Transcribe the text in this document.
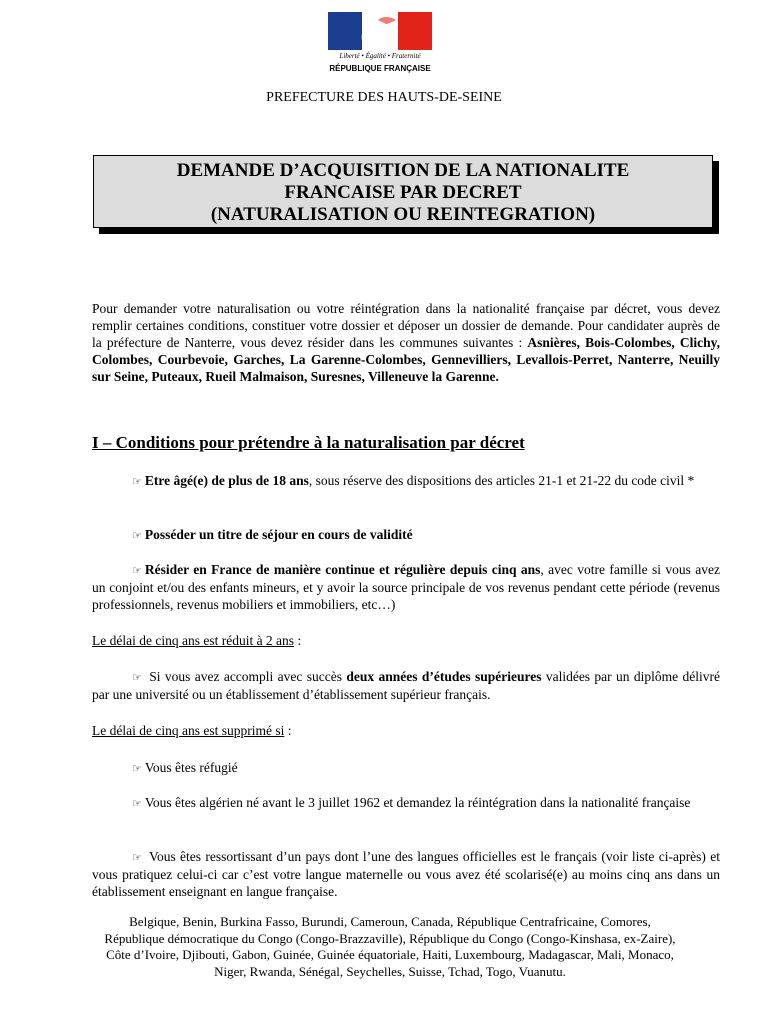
Liberté • Égalité • Fraternité
RÉPUBLIQUE FRANÇAISE
PREFECTURE DES HAUTS-DE-SEINE
DEMANDE D’ACQUISITION DE LA NATIONALITE
FRANCAISE PAR DECRET
(NATURALISATION OU REINTEGRATION)
Pour demander votre naturalisation ou votre réintégration dans la nationalité française par décret, vous devez remplir certaines conditions, constituer votre dossier et déposer un dossier de demande. Pour candidater auprès de la préfecture de Nanterre, vous devez résider dans les communes suivantes : Asnières, Bois-Colombes, Clichy, Colombes, Courbevoie, Garches, La Garenne-Colombes, Gennevilliers, Levallois-Perret, Nanterre, Neuilly sur Seine, Puteaux, Rueil Malmaison, Suresnes, Villeneuve la Garenne.
I – Conditions pour prétendre à la naturalisation par décret
☞ Etre âgé(e) de plus de 18 ans, sous réserve des dispositions des articles 21-1 et 21-22 du code civil *
☞ Posséder un titre de séjour en cours de validité
☞ Résider en France de manière continue et régulière depuis cinq ans, avec votre famille si vous avez un conjoint et/ou des enfants mineurs, et y avoir la source principale de vos revenus pendant cette période (revenus professionnels, revenus mobiliers et immobiliers, etc…)
Le délai de cinq ans est réduit à 2 ans :
☞ Si vous avez accompli avec succès deux années d’études supérieures validées par un diplôme délivré par une université ou un établissement d’établissement supérieur français.
Le délai de cinq ans est supprimé si :
☞ Vous êtes réfugié
☞ Vous êtes algérien né avant le 3 juillet 1962 et demandez la réintégration dans la nationalité française
☞ Vous êtes ressortissant d’un pays dont l’une des langues officielles est le français (voir liste ci-après) et vous pratiquez celui-ci car c’est votre langue maternelle ou vous avez été scolarisé(e) au moins cinq ans dans un établissement enseignant en langue française.
Belgique, Benin, Burkina Fasso, Burundi, Cameroun, Canada, République Centrafricaine, Comores,
République démocratique du Congo (Congo-Brazzaville), République du Congo (Congo-Kinshasa, ex-Zaire),
Côte d’Ivoire, Djibouti, Gabon, Guinée, Guinée équatoriale, Haiti, Luxembourg, Madagascar, Mali, Monaco,
Niger, Rwanda, Sénégal, Seychelles, Suisse, Tchad, Togo, Vuanutu.
